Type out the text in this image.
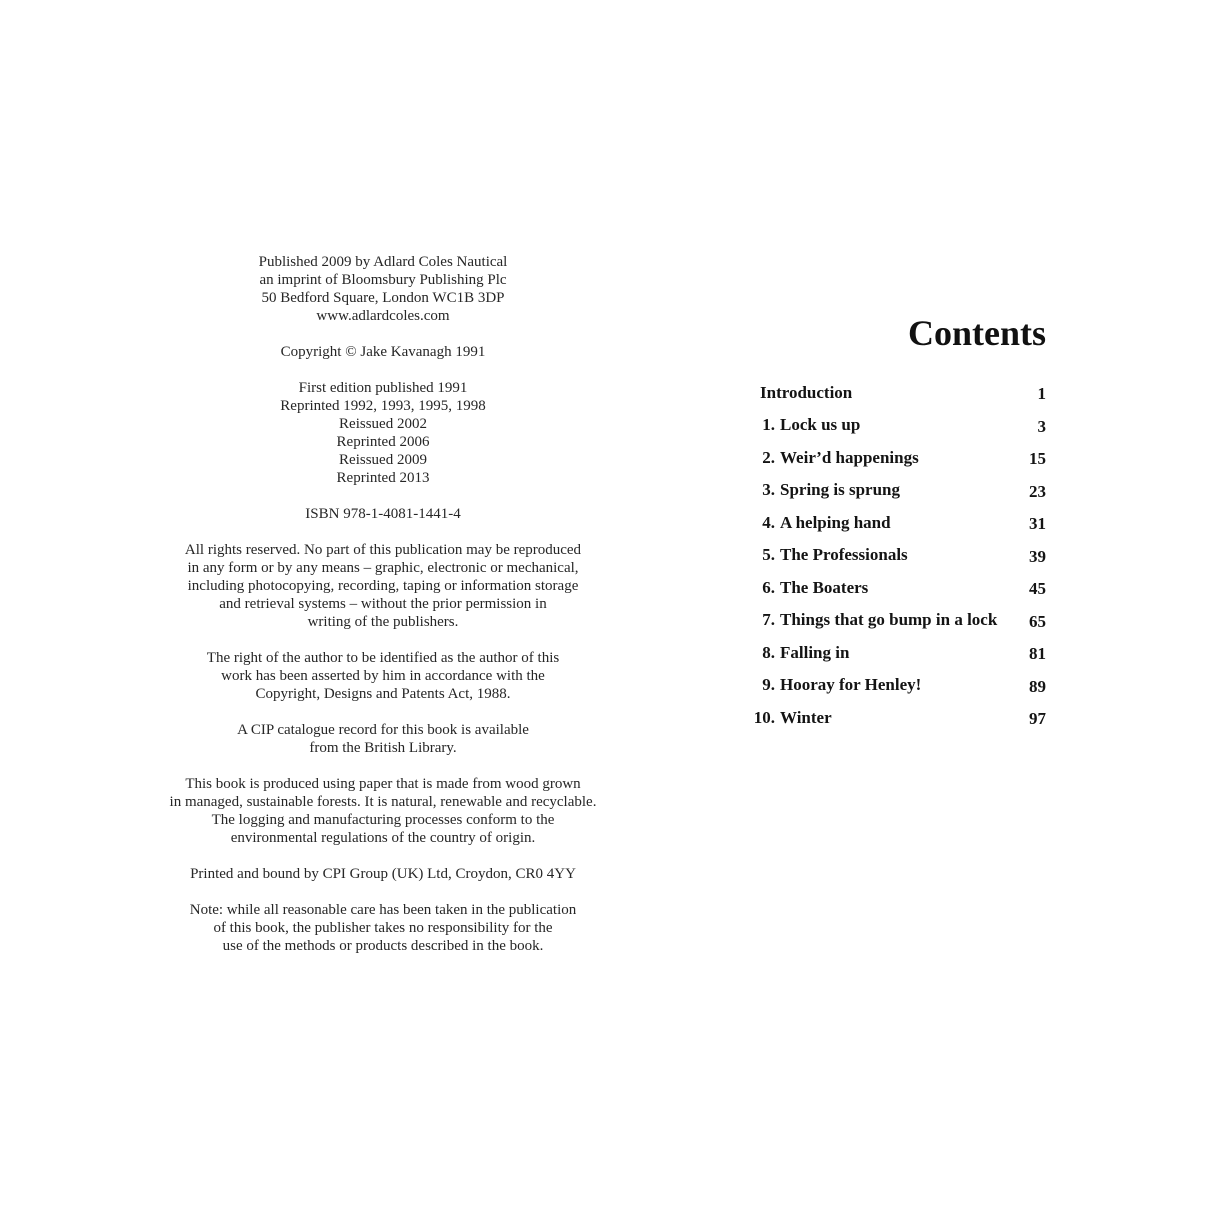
Published 2009 by Adlard Coles Nautical
an imprint of Bloomsbury Publishing Plc
50 Bedford Square, London WC1B 3DP
www.adlardcoles.com
Copyright © Jake Kavanagh 1991
First edition published 1991
Reprinted 1992, 1993, 1995, 1998
Reissued 2002
Reprinted 2006
Reissued 2009
Reprinted 2013
ISBN 978-1-4081-1441-4
All rights reserved. No part of this publication may be reproduced
in any form or by any means – graphic, electronic or mechanical,
including photocopying, recording, taping or information storage
and retrieval systems – without the prior permission in
writing of the publishers.
The right of the author to be identified as the author of this
work has been asserted by him in accordance with the
Copyright, Designs and Patents Act, 1988.
A CIP catalogue record for this book is available
from the British Library.
This book is produced using paper that is made from wood grown
in managed, sustainable forests. It is natural, renewable and recyclable.
The logging and manufacturing processes conform to the
environmental regulations of the country of origin.
Printed and bound by CPI Group (UK) Ltd, Croydon, CR0 4YY
Note: while all reasonable care has been taken in the publication
of this book, the publisher takes no responsibility for the
use of the methods or products described in the book.
Contents
Introduction	1
1. Lock us up	3
2. Weir’d happenings	15
3. Spring is sprung	23
4. A helping hand	31
5. The Professionals	39
6. The Boaters	45
7. Things that go bump in a lock	65
8. Falling in	81
9. Hooray for Henley!	89
10. Winter	97
